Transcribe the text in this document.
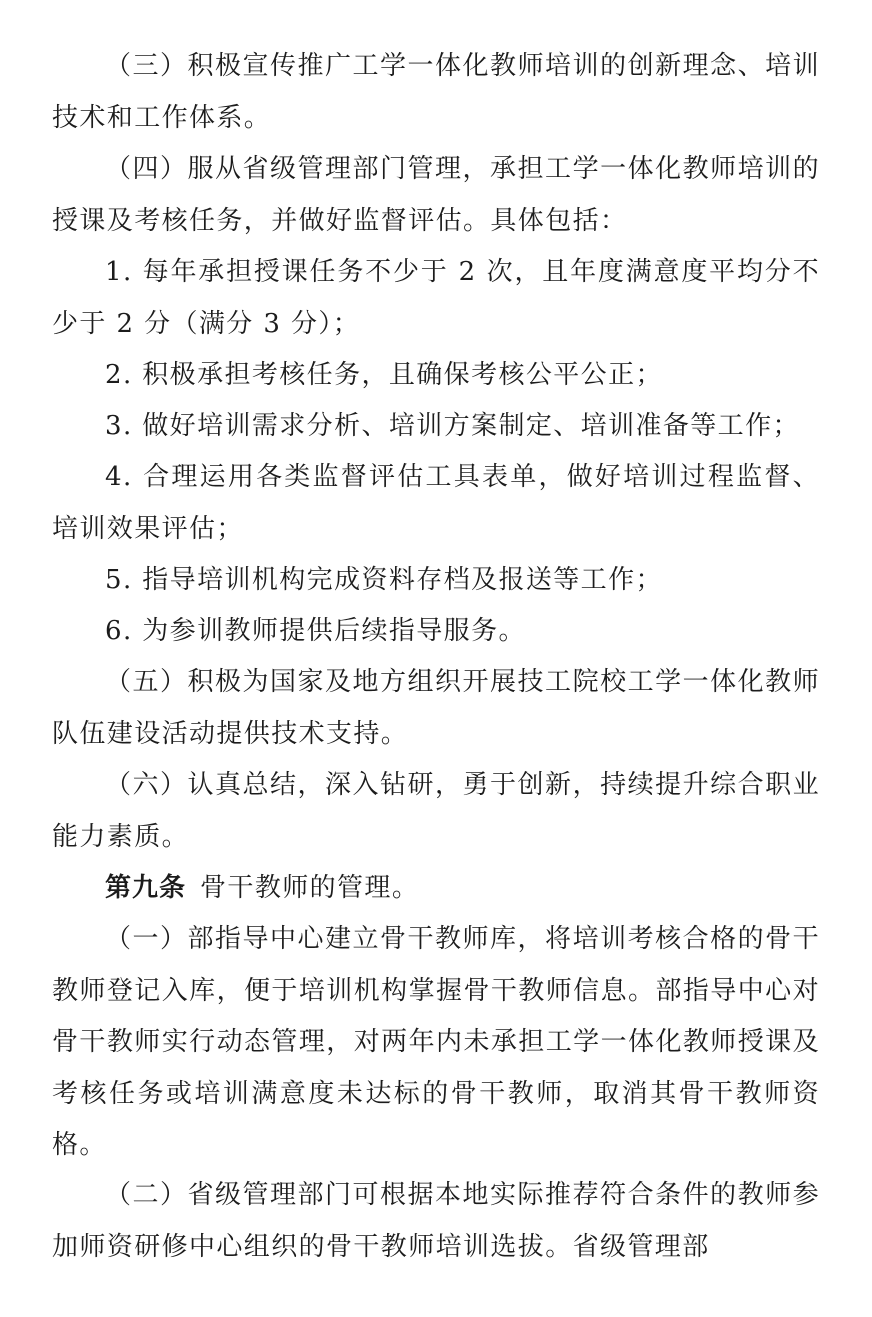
（三）积极宣传推广工学一体化教师培训的创新理念、培训技术和工作体系。

（四）服从省级管理部门管理，承担工学一体化教师培训的授课及考核任务，并做好监督评估。具体包括：

1. 每年承担授课任务不少于 2 次，且年度满意度平均分不少于 2 分（满分 3 分）；

2. 积极承担考核任务，且确保考核公平公正；

3. 做好培训需求分析、培训方案制定、培训准备等工作；

4. 合理运用各类监督评估工具表单，做好培训过程监督、培训效果评估；

5. 指导培训机构完成资料存档及报送等工作；

6. 为参训教师提供后续指导服务。

（五）积极为国家及地方组织开展技工院校工学一体化教师队伍建设活动提供技术支持。

（六）认真总结，深入钻研，勇于创新，持续提升综合职业能力素质。

第九条 骨干教师的管理。

（一）部指导中心建立骨干教师库，将培训考核合格的骨干教师登记入库，便于培训机构掌握骨干教师信息。部指导中心对骨干教师实行动态管理，对两年内未承担工学一体化教师授课及考核任务或培训满意度未达标的骨干教师，取消其骨干教师资格。

（二）省级管理部门可根据本地实际推荐符合条件的教师参加师资研修中心组织的骨干教师培训选拔。省级管理部
